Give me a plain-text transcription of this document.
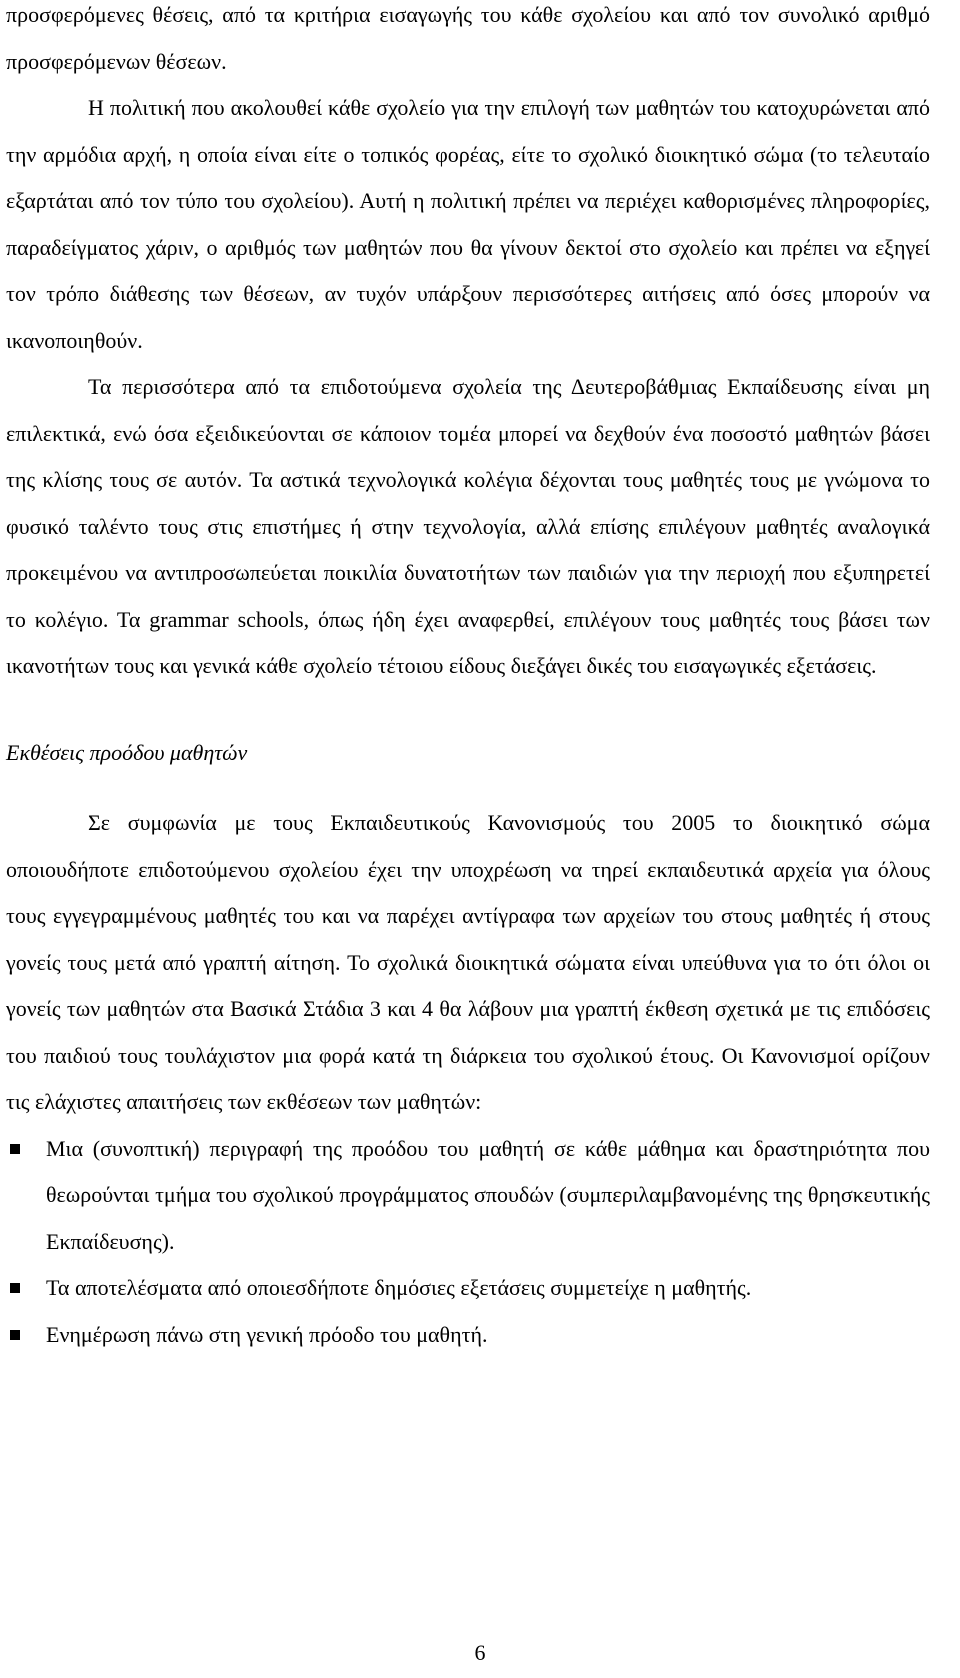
προσφερόμενες θέσεις, από τα κριτήρια εισαγωγής του κάθε σχολείου και από τον συνολικό αριθμό προσφερόμενων θέσεων.

Η πολιτική που ακολουθεί κάθε σχολείο για την επιλογή των μαθητών του κατοχυρώνεται από την αρμόδια αρχή, η οποία είναι είτε ο τοπικός φορέας, είτε το σχολικό διοικητικό σώμα (το τελευταίο εξαρτάται από τον τύπο του σχολείου). Αυτή η πολιτική πρέπει να περιέχει καθορισμένες πληροφορίες, παραδείγματος χάριν, ο αριθμός των μαθητών που θα γίνουν δεκτοί στο σχολείο και πρέπει να εξηγεί τον τρόπο διάθεσης των θέσεων, αν τυχόν υπάρξουν περισσότερες αιτήσεις από όσες μπορούν να ικανοποιηθούν.

Τα περισσότερα από τα επιδοτούμενα σχολεία της Δευτεροβάθμιας Εκπαίδευσης είναι μη επιλεκτικά, ενώ όσα εξειδικεύονται σε κάποιον τομέα μπορεί να δεχθούν ένα ποσοστό μαθητών βάσει της κλίσης τους σε αυτόν. Τα αστικά τεχνολογικά κολέγια δέχονται τους μαθητές τους με γνώμονα το φυσικό ταλέντο τους στις επιστήμες ή στην τεχνολογία, αλλά επίσης επιλέγουν μαθητές αναλογικά προκειμένου να αντιπροσωπεύεται ποικιλία δυνατοτήτων των παιδιών για την περιοχή που εξυπηρετεί το κολέγιο. Τα grammar schools, όπως ήδη έχει αναφερθεί, επιλέγουν τους μαθητές τους βάσει των ικανοτήτων τους και γενικά κάθε σχολείο τέτοιου είδους διεξάγει δικές του εισαγωγικές εξετάσεις.

Εκθέσεις προόδου μαθητών

Σε συμφωνία με τους Εκπαιδευτικούς Κανονισμούς του 2005 το διοικητικό σώμα οποιουδήποτε επιδοτούμενου σχολείου έχει την υποχρέωση να τηρεί εκπαιδευτικά αρχεία για όλους τους εγγεγραμμένους μαθητές του και να παρέχει αντίγραφα των αρχείων του στους μαθητές ή στους γονείς τους μετά από γραπτή αίτηση. Το σχολικά διοικητικά σώματα είναι υπεύθυνα για το ότι όλοι οι γονείς των μαθητών στα Βασικά Στάδια 3 και 4 θα λάβουν μια γραπτή έκθεση σχετικά με τις επιδόσεις του παιδιού τους τουλάχιστον μια φορά κατά τη διάρκεια του σχολικού έτους. Οι Κανονισμοί ορίζουν τις ελάχιστες απαιτήσεις των εκθέσεων των μαθητών:

Μια (συνοπτική) περιγραφή της προόδου του μαθητή σε κάθε μάθημα και δραστηριότητα που θεωρούνται τμήμα του σχολικού προγράμματος σπουδών (συμπεριλαμβανομένης της θρησκευτικής Εκπαίδευσης).
Τα αποτελέσματα από οποιεσδήποτε δημόσιες εξετάσεις συμμετείχε η μαθητής.
Ενημέρωση πάνω στη γενική πρόοδο του μαθητή.
6
